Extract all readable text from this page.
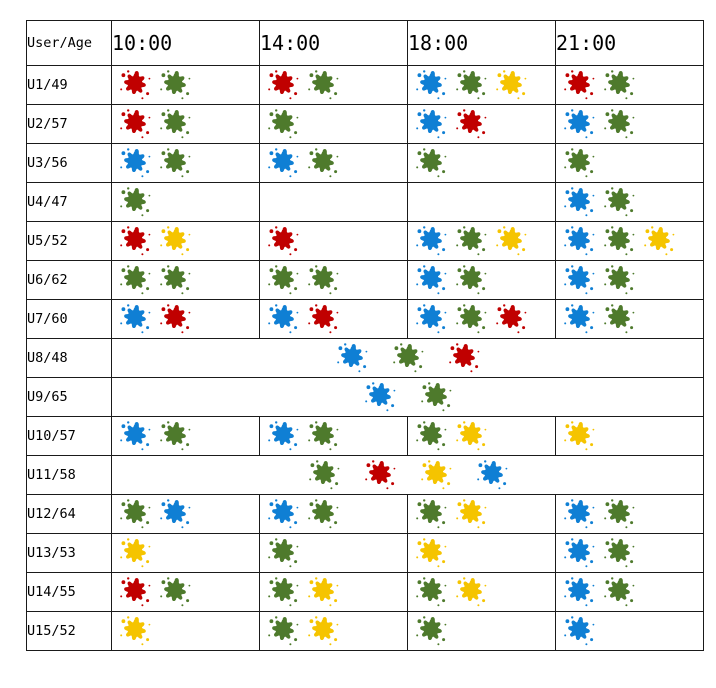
User/Age	10:00	14:00	18:00	21:00
U1/49	

U2/57	

U3/56	

U4/47	

U5/52	

U6/62	

U7/60	

U8/48	

U9/65	

U10/57	

U11/58	

U12/64	

U13/53	

U14/55	

U15/52	
